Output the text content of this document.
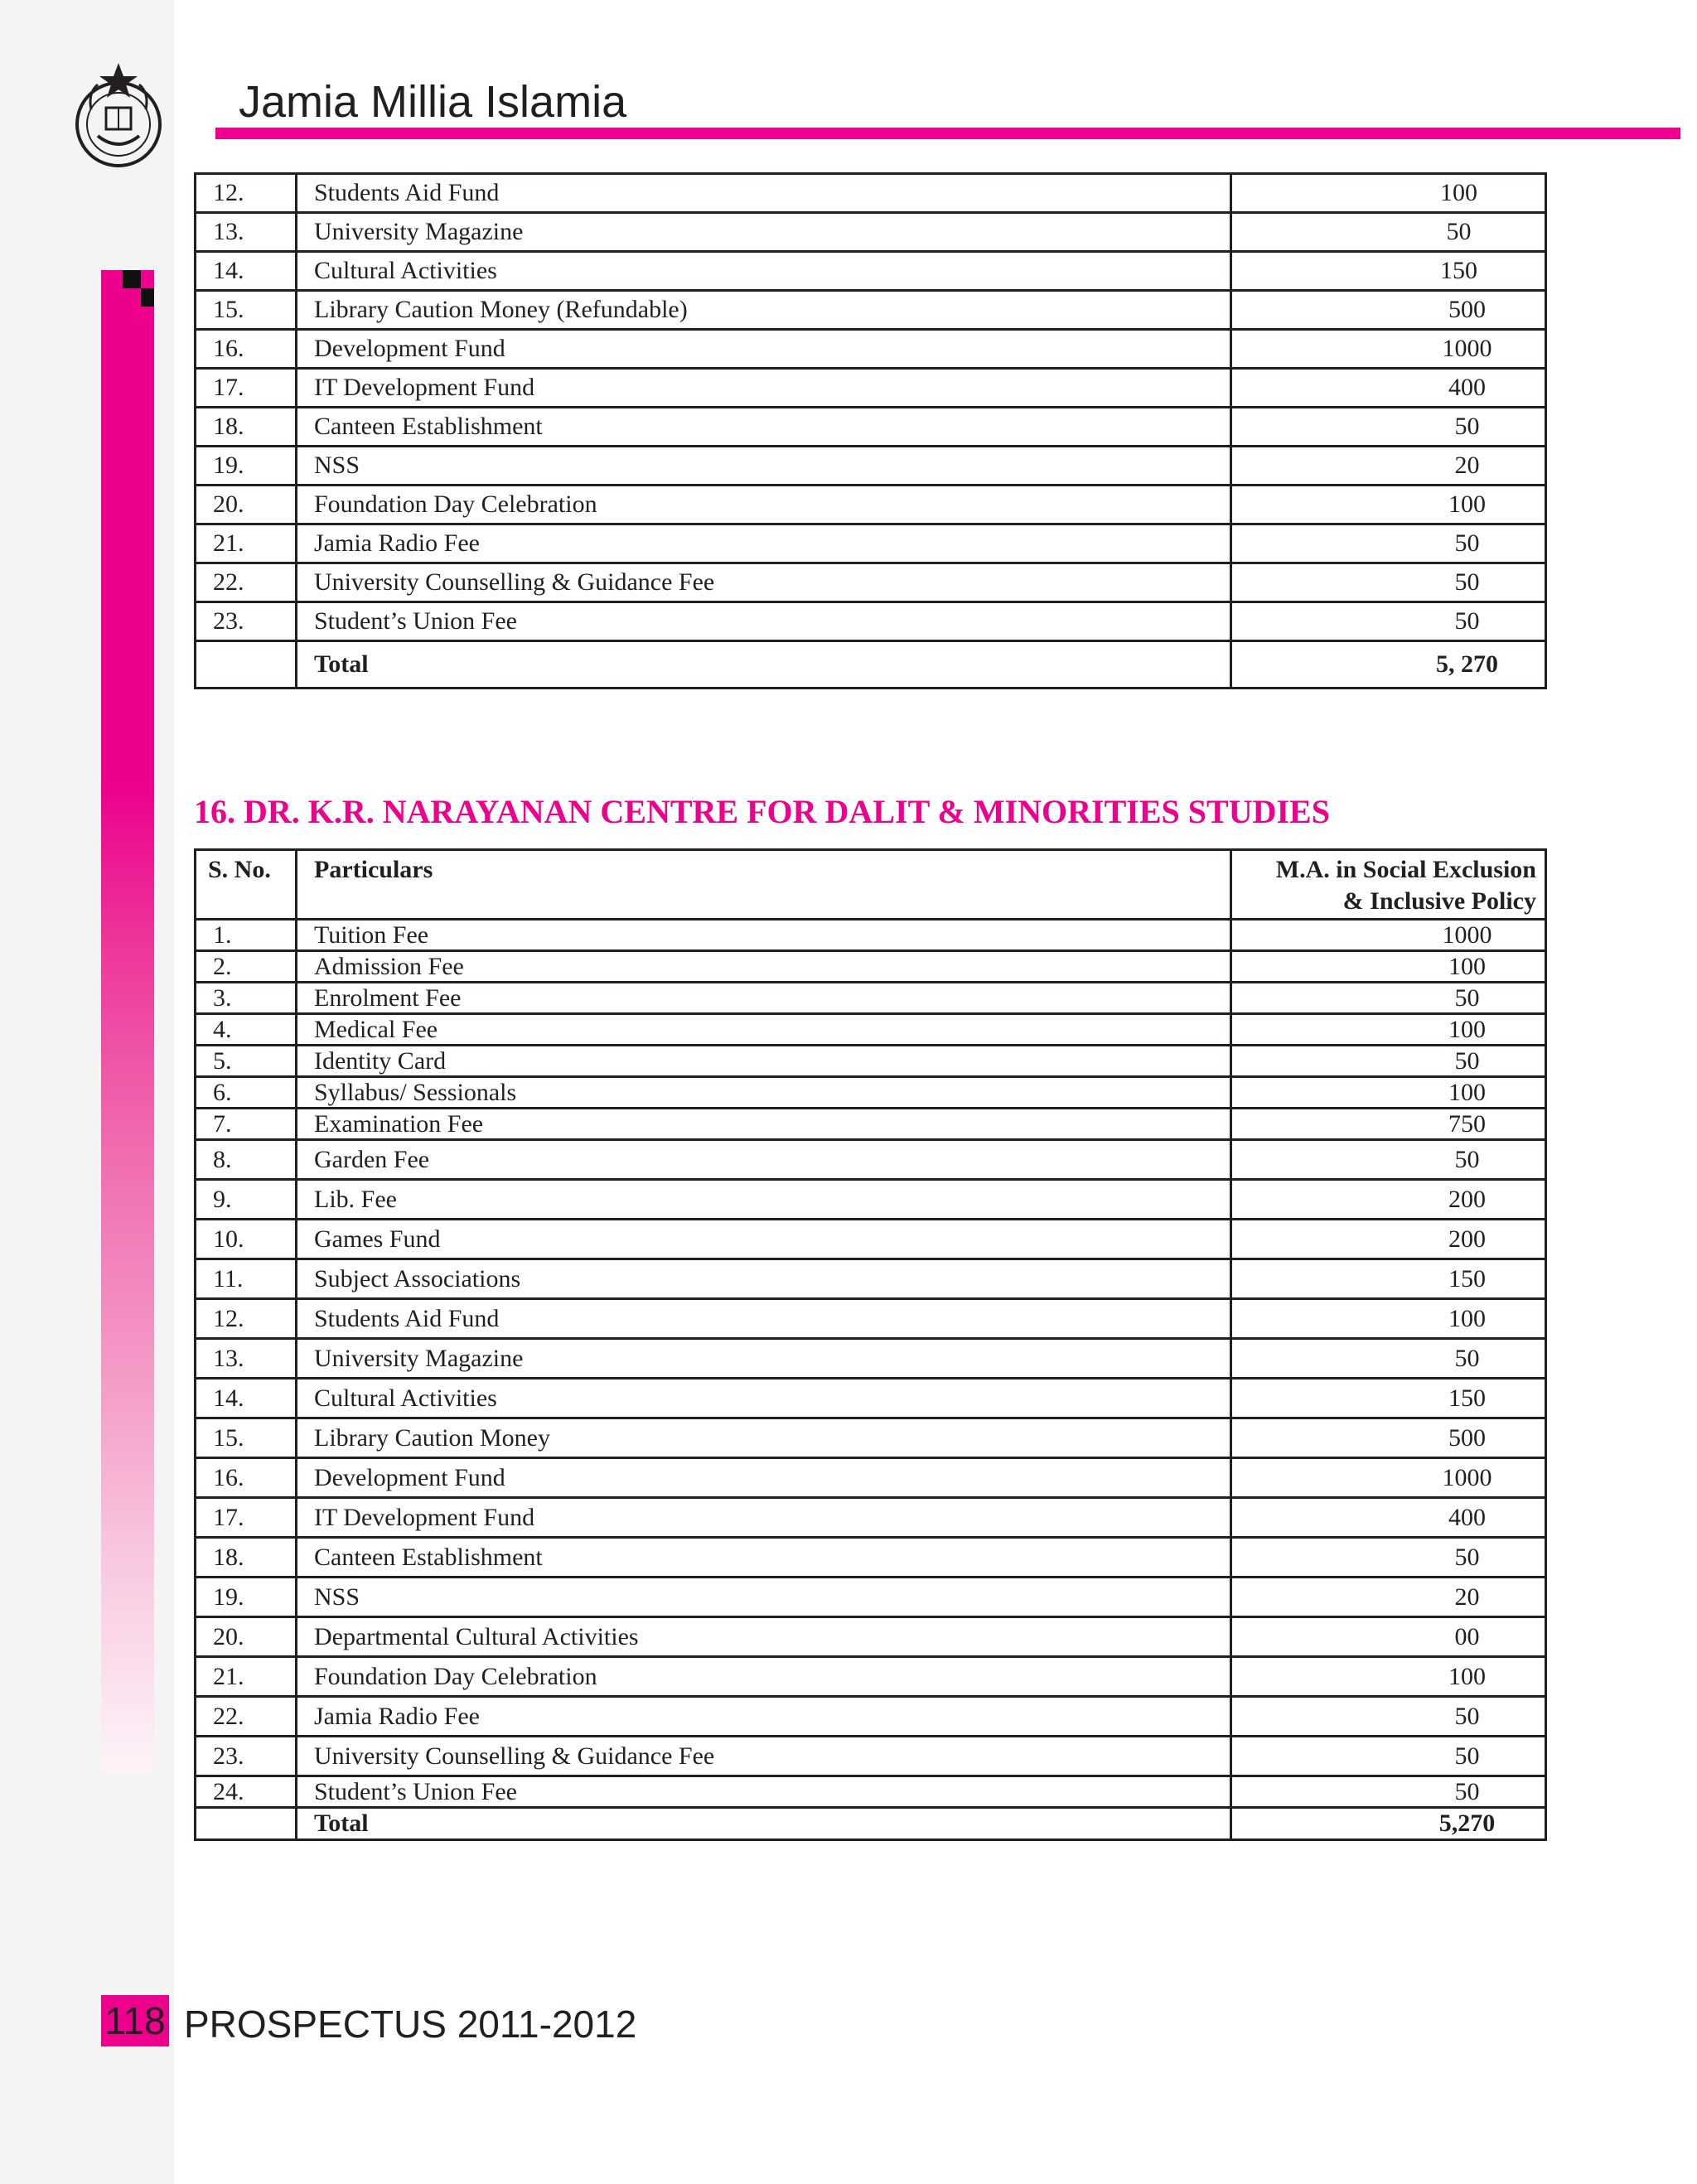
Jamia Millia Islamia
12.	Students Aid Fund	100
13.	University Magazine	50
14.	Cultural Activities	150
15.	Library Caution Money (Refundable)	500
16.	Development Fund	1000
17.	IT Development Fund	400
18.	Canteen Establishment	50
19.	NSS	20
20.	Foundation Day Celebration	100
21.	Jamia Radio Fee	50
22.	University Counselling & Guidance Fee	50
23.	Student’s Union Fee	50
	Total	5, 270
16. DR. K.R. NARAYANAN CENTRE FOR DALIT & MINORITIES STUDIES
S. No.	Particulars	M.A. in Social Exclusion
& Inclusive Policy
1.	Tuition Fee	1000
2.	Admission Fee	100
3.	Enrolment Fee	50
4.	Medical Fee	100
5.	Identity Card	50
6.	Syllabus/ Sessionals	100
7.	Examination Fee	750
8.	Garden Fee	50
9.	Lib. Fee	200
10.	Games Fund	200
11.	Subject Associations	150
12.	Students Aid Fund	100
13.	University Magazine	50
14.	Cultural Activities	150
15.	Library Caution Money	500
16.	Development Fund	1000
17.	IT Development Fund	400
18.	Canteen Establishment	50
19.	NSS	20
20.	Departmental Cultural Activities	00
21.	Foundation Day Celebration	100
22.	Jamia Radio Fee	50
23.	University Counselling & Guidance Fee	50
24.	Student’s Union Fee	50
	Total	5,270
118 PROSPECTUS 2011-2012
